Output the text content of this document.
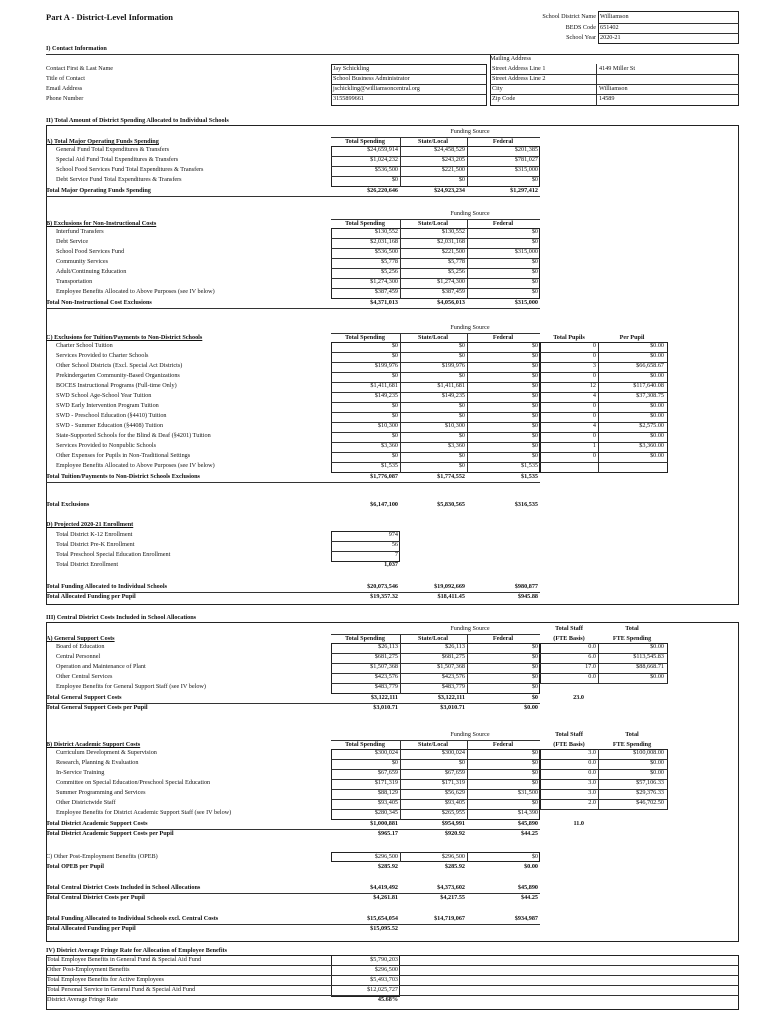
Part A - District-Level Information	School District Name Williamson
BEDS Code 651402
School Year 2020-21
I) Contact Information
Mailing Address
Contact First & Last Name	Jay Schickling	Street Address Line 1	4149 Miller St
Title of Contact	School Business Administrator	Street Address Line 2
Email Address	jschickling@williamsoncentral.org	City	Williamson
Phone Number	3155899661	Zip Code	14589
II) Total Amount of District Spending Allocated to Individual Schools
Funding Source
Total Spending	State/Local	Federal
A) Total Major Operating Funds Spending
General Fund Total Expenditures & Transfers	$24,659,914	$24,458,529	$201,385
Special Aid Fund Total Expenditures & Transfers	$1,024,232	$243,205	$781,027
School Food Services Fund Total Expenditures & Transfers	$536,500	$221,500	$315,000
Debt Service Fund Total Expenditures & Transfers	$0	$0	$0
Total Major Operating Funds Spending	$26,220,646	$24,923,234	$1,297,412
Funding Source
Total Spending	State/Local	Federal
B) Exclusions for Non-Instructional Costs
Interfund Transfers	$130,552	$130,552	$0
Debt Service	$2,031,168	$2,031,168	$0
School Food Services Fund	$536,500	$221,500	$315,000
Community Services	$5,778	$5,778	$0
Adult/Continuing Education	$5,256	$5,256	$0
Transportation	$1,274,300	$1,274,300	$0
Employee Benefits Allocated to Above Purposes (see IV below)	$387,459	$387,459	$0
Total Non-Instructional Cost Exclusions	$4,371,013	$4,056,013	$315,000
Funding Source
Total Spending	State/Local	Federal	Total Pupils	Per Pupil
C) Exclusions for Tuition/Payments to Non-District Schools
Charter School Tuition	$0	$0	$0	0	$0.00
Services Provided to Charter Schools	$0	$0	$0	0	$0.00
Other School Districts (Excl. Special Act Districts)	$199,976	$199,976	$0	3	$66,658.67
Prekindergarten Community-Based Organizations	$0	$0	$0	0	$0.00
BOCES Instructional Programs (Full-time Only)	$1,411,681	$1,411,681	$0	12	$117,640.08
SWD School Age-School Year Tuition	$149,235	$149,235	$0	4	$37,308.75
SWD Early Intervention Program Tuition	$0	$0	$0	0	$0.00
SWD - Preschool Education (§4410) Tuition	$0	$0	$0	0	$0.00
SWD - Summer Education (§4408) Tuition	$10,300	$10,300	$0	4	$2,575.00
State-Supported Schools for the Blind & Deaf (§4201) Tuition	$0	$0	$0	0	$0.00
Services Provided to Nonpublic Schools	$3,360	$3,360	$0	1	$3,360.00
Other Expenses for Pupils in Non-Traditional Settings	$0	$0	$0	0	$0.00
Employee Benefits Allocated to Above Purposes (see IV below)	$1,535	$0	$1,535
Total Tuition/Payments to Non-District Schools Exclusions	$1,776,087	$1,774,552	$1,535
Total Exclusions	$6,147,100	$5,830,565	$316,535
D) Projected 2020-21 Enrollment
Total District K-12 Enrollment	974
Total District Pre-K Enrollment	56
Total Preschool Special Education Enrollment	7
Total District Enrollment	1,037
Total Funding Allocated to Individual Schools	$20,073,546	$19,092,669	$980,877
Total Allocated Funding per Pupil	$19,357.32	$18,411.45	$945.88
III) Central District Costs Included in School Allocations
Funding Source	Total Staff	Total
Total Spending	State/Local	Federal	(FTE Basis)	FTE Spending
A) General Support Costs
Board of Education	$26,113	$26,113	$0	0.0	$0.00
Central Personnel	$681,275	$681,275	$0	6.0	$113,545.83
Operation and Maintenance of Plant	$1,507,368	$1,507,368	$0	17.0	$88,668.71
Other Central Services	$423,576	$423,576	$0	0.0	$0.00
Employee Benefits for General Support Staff (see IV below)	$483,779	$483,779	$0
Total General Support Costs	$3,122,111	$3,122,111	$0	23.0
Total General Support Costs per Pupil	$3,010.71	$3,010.71	$0.00
Funding Source	Total Staff	Total
Total Spending	State/Local	Federal	(FTE Basis)	FTE Spending
B) District Academic Support Costs
Curriculum Development & Supervision	$300,024	$300,024	$0	3.0	$100,008.00
Research, Planning & Evaluation	$0	$0	$0	0.0	$0.00
In-Service Training	$67,659	$67,659	$0	0.0	$0.00
Committee on Special Education/Preschool Special Education	$171,319	$171,319	$0	3.0	$57,106.33
Summer Programming and Services	$88,129	$56,629	$31,500	3.0	$29,376.33
Other Districtwide Staff	$93,405	$93,405	$0	2.0	$46,702.50
Employee Benefits for District Academic Support Staff (see IV below)	$280,345	$265,955	$14,390
Total District Academic Support Costs	$1,000,881	$954,991	$45,890	11.0
Total District Academic Support Costs per Pupil	$965.17	$920.92	$44.25
C) Other Post-Employment Benefits (OPEB)	$296,500	$296,500	$0
Total OPEB per Pupil	$285.92	$285.92	$0.00
Total Central District Costs Included in School Allocations	$4,419,492	$4,373,602	$45,890
Total Central District Costs per Pupil	$4,261.81	$4,217.55	$44.25
Total Funding Allocated to Individual Schools excl. Central Costs	$15,654,054	$14,719,067	$934,987
Total Allocated Funding per Pupil	$15,095.52
IV) District Average Fringe Rate for Allocation of Employee Benefits
Total Employee Benefits in General Fund & Special Aid Fund	$5,790,203
Other Post-Employment Benefits	$296,500
Total Employee Benefits for Active Employees	$5,493,703
Total Personal Service in General Fund & Special Aid Fund	$12,025,727
District Average Fringe Rate	45.68%
